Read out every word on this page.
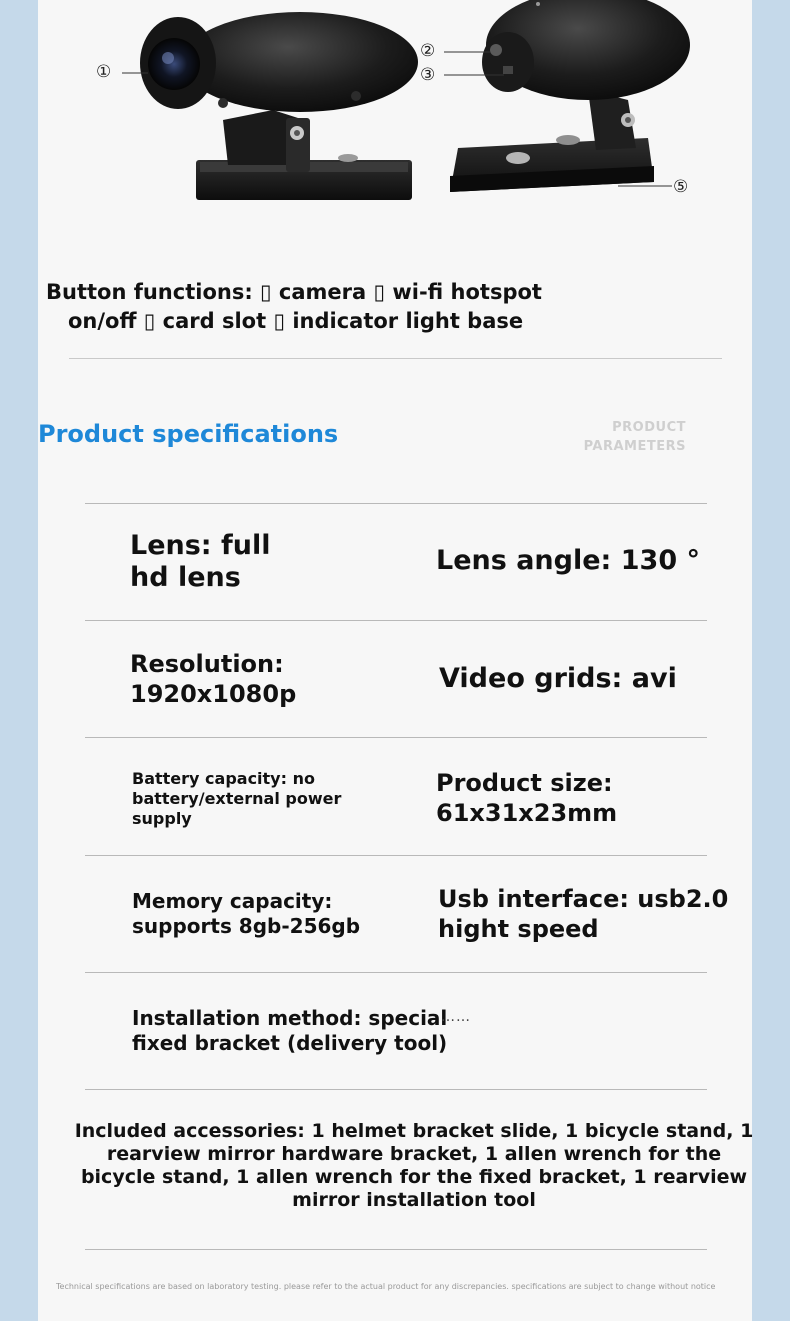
①
②
③
⑤
Button functions: ▯ camera ▯ wi-fi hotspot
on/off ▯ card slot ▯ indicator light base
Product specifications	PRODUCT
PARAMETERS
Lens: full
hd lens
Lens angle: 130 °
Resolution:
1920x1080p	Video grids: avi
Battery capacity: no
battery/external power
supply
Product size:
61x31x23mm
Memory capacity:
supports 8gb-256gb
Usb interface: usb2.0
hight speed
Installation method: special
fixed bracket (delivery tool)
……
Included accessories: 1 helmet bracket slide, 1 bicycle stand, 1 rearview mirror hardware bracket, 1 allen wrench for the bicycle stand, 1 allen wrench for the fixed bracket, 1 rearview mirror installation tool
Technical specifications are based on laboratory testing. please refer to the actual product for any discrepancies. specifications are subject to change without notice
